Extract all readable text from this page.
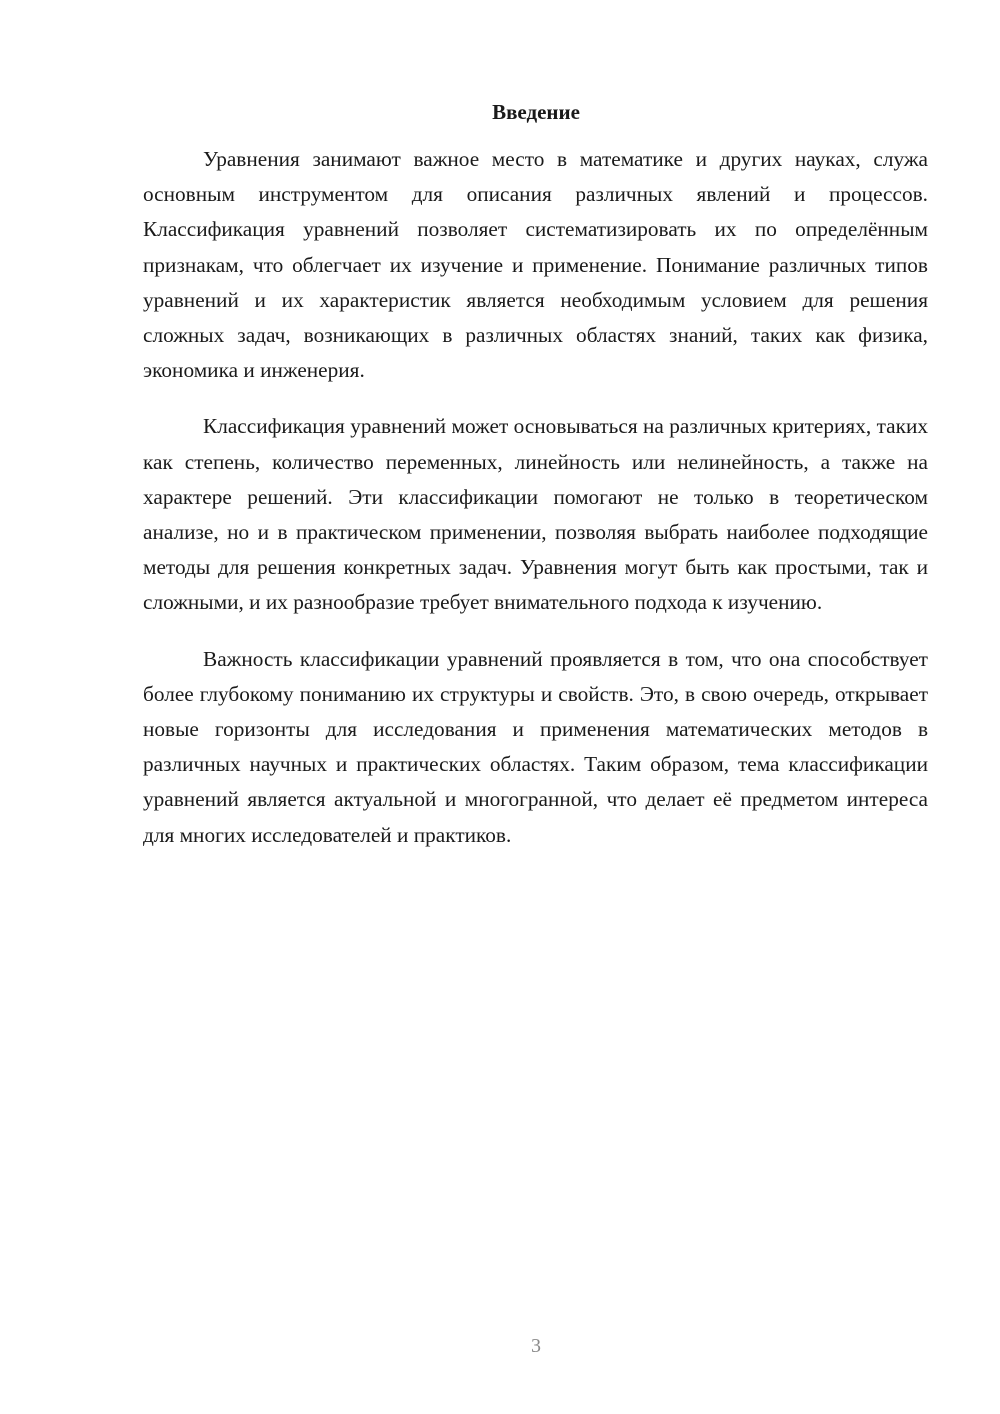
Введение

Уравнения занимают важное место в математике и других науках, служа основным инструментом для описания различных явлений и процессов. Классификация уравнений позволяет систематизировать их по определённым признакам, что облегчает их изучение и применение. Понимание различных типов уравнений и их характеристик является необходимым условием для решения сложных задач, возникающих в различных областях знаний, таких как физика, экономика и инженерия.

Классификация уравнений может основываться на различных критериях, таких как степень, количество переменных, линейность или нелинейность, а также на характере решений. Эти классификации помогают не только в теоретическом анализе, но и в практическом применении, позволяя выбрать наиболее подходящие методы для решения конкретных задач. Уравнения могут быть как простыми, так и сложными, и их разнообразие требует внимательного подхода к изучению.

Важность классификации уравнений проявляется в том, что она способствует более глубокому пониманию их структуры и свойств. Это, в свою очередь, открывает новые горизонты для исследования и применения математических методов в различных научных и практических областях. Таким образом, тема классификации уравнений является актуальной и многогранной, что делает её предметом интереса для многих исследователей и практиков.

3
